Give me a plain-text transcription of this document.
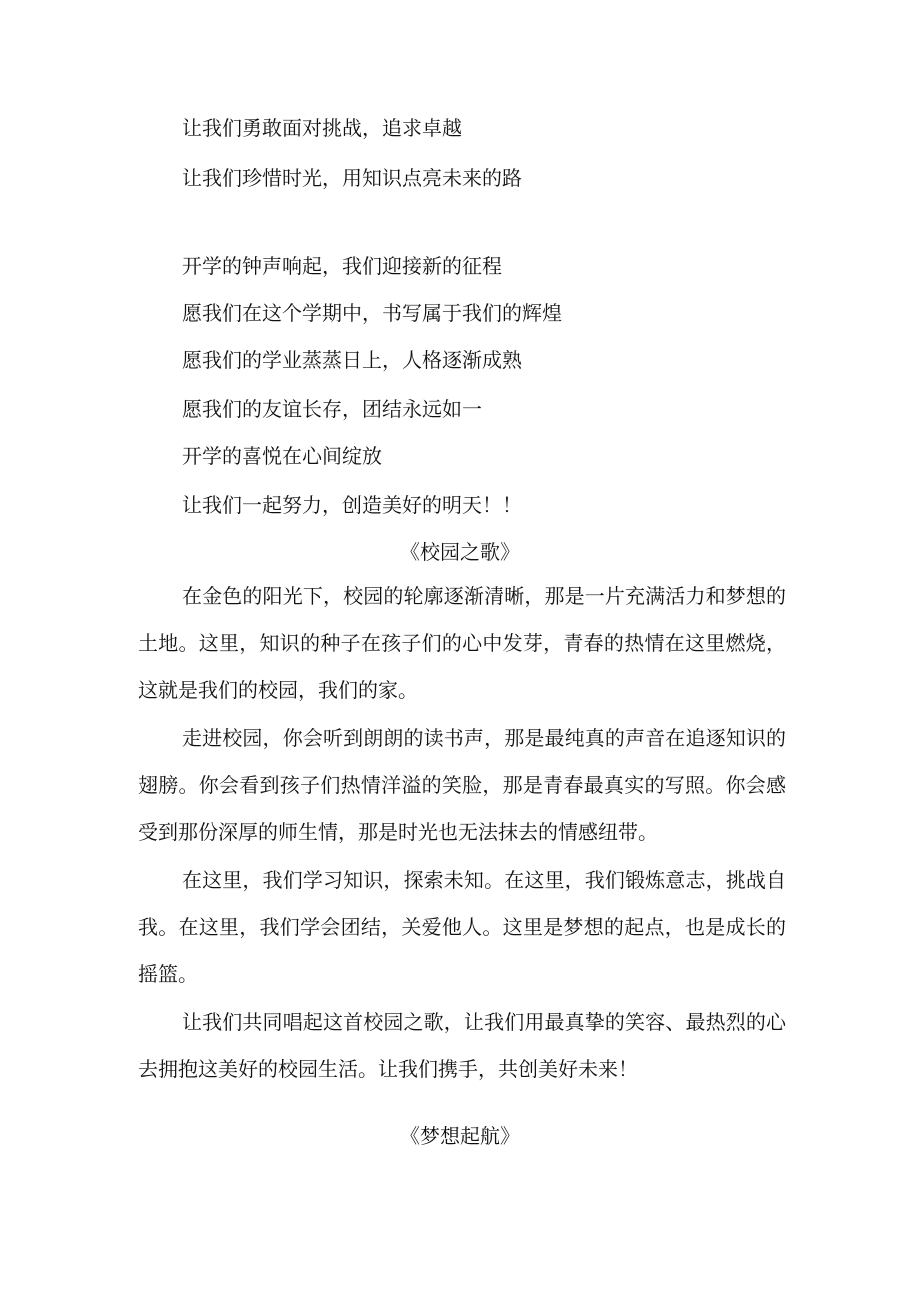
让我们勇敢面对挑战，追求卓越
让我们珍惜时光，用知识点亮未来的路
开学的钟声响起，我们迎接新的征程
愿我们在这个学期中，书写属于我们的辉煌
愿我们的学业蒸蒸日上，人格逐渐成熟
愿我们的友谊长存，团结永远如一
开学的喜悦在心间绽放
让我们一起努力，创造美好的明天！！
《校园之歌》

在金色的阳光下，校园的轮廓逐渐清晰，那是一片充满活力和梦想的土地。这里，知识的种子在孩子们的心中发芽，青春的热情在这里燃烧，这就是我们的校园，我们的家。

走进校园，你会听到朗朗的读书声，那是最纯真的声音在追逐知识的翅膀。你会看到孩子们热情洋溢的笑脸，那是青春最真实的写照。你会感受到那份深厚的师生情，那是时光也无法抹去的情感纽带。

在这里，我们学习知识，探索未知。在这里，我们锻炼意志，挑战自我。在这里，我们学会团结，关爱他人。这里是梦想的起点，也是成长的摇篮。

让我们共同唱起这首校园之歌，让我们用最真挚的笑容、最热烈的心去拥抱这美好的校园生活。让我们携手，共创美好未来！

《梦想起航》
